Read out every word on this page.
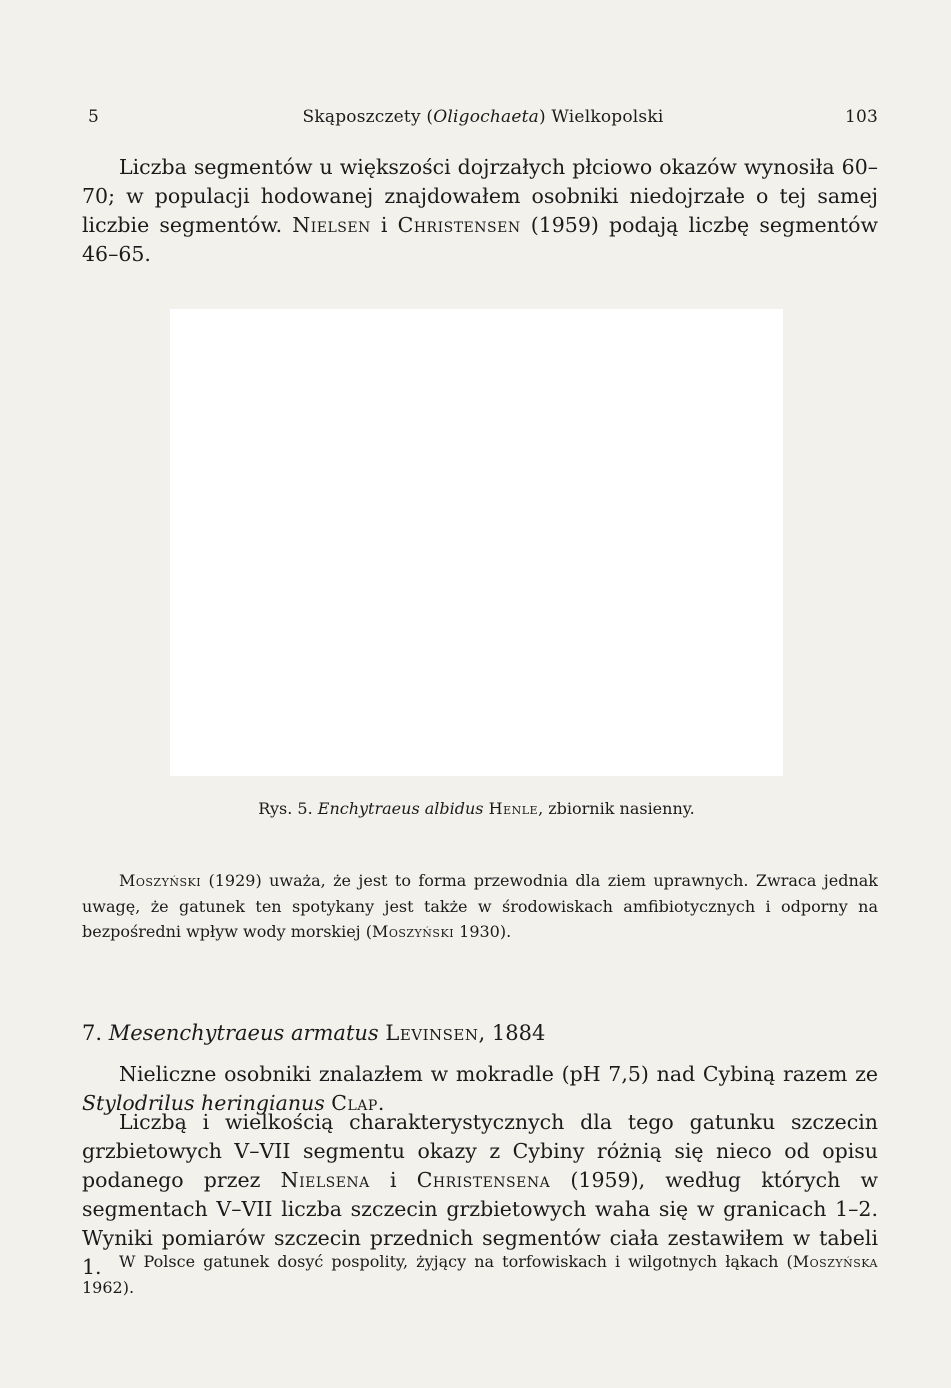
5	Skąposzczety (Oligochaeta) Wielkopolski	103

Liczba segmentów u większości dojrzałych płciowo okazów wynosiła 60–70; w populacji hodowanej znajdowałem osobniki niedojrzałe o tej samej liczbie segmentów. Nielsen i Christensen (1959) podają liczbę segmentów 46–65.

Rys. 5. Enchytraeus albidus Henle, zbiornik nasienny.

Moszyński (1929) uważa, że jest to forma przewodnia dla ziem uprawnych. Zwraca jednak uwagę, że gatunek ten spotykany jest także w środowiskach amfibiotycznych i odporny na bezpośredni wpływ wody morskiej (Moszyński 1930).

7. Mesenchytraeus armatus Levinsen, 1884

Nieliczne osobniki znalazłem w mokradle (pH 7,5) nad Cybiną razem ze Stylodrilus heringianus Clap.

Liczbą i wielkością charakterystycznych dla tego gatunku szczecin grzbietowych V–VII segmentu okazy z Cybiny różnią się nieco od opisu podanego przez Nielsena i Christensena (1959), według których w segmentach V–VII liczba szczecin grzbietowych waha się w granicach 1–2. Wyniki pomiarów szczecin przednich segmentów ciała zestawiłem w tabeli 1.	W Polsce gatunek dosyć pospolity, żyjący na torfowiskach i wilgotnych łąkach (Moszyńska 1962).
